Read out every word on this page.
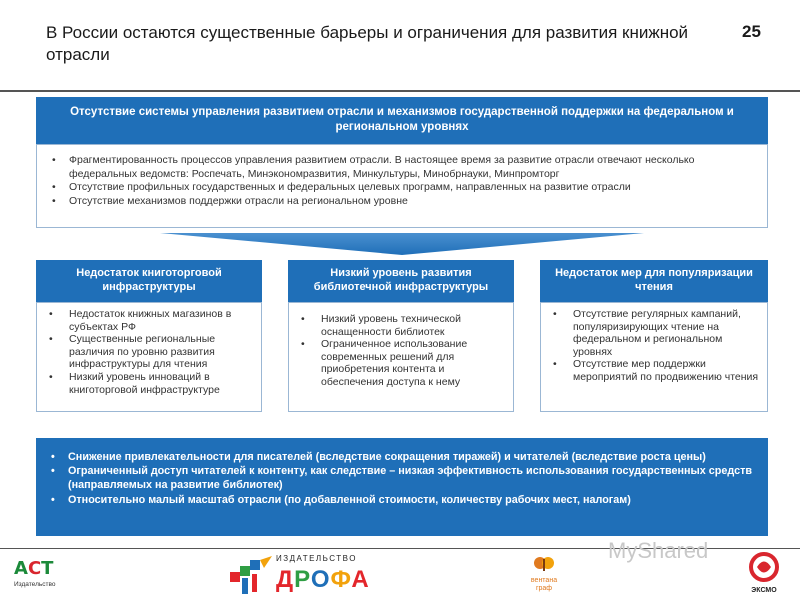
В России остаются существенные барьеры и ограничения для развития книжной отрасли
25
Отсутствие системы управления развитием отрасли и механизмов государственной поддержки на федеральном и региональном уровнях
• Фрагментированность процессов управления развитием отрасли. В настоящее время за развитие отрасли отвечают несколько федеральных ведомств: Роспечать, Минэкономразвития, Минкультуры, Минобрнауки, Минпромторг
• Отсутствие профильных государственных и федеральных целевых программ, направленных на развитие отрасли
• Отсутствие механизмов поддержки отрасли на региональном уровне
Недостаток книготорговой инфраструктуры
• Недостаток книжных магазинов в субъектах РФ
• Существенные региональные различия по уровню развития инфраструктуры для чтения
• Низкий уровень инноваций в книготорговой инфраструктуре
Низкий уровень развития библиотечной инфраструктуры
• Низкий уровень технической оснащенности библиотек
• Ограниченное использование современных решений для приобретения контента и обеспечения доступа к нему
Недостаток мер для популяризации чтения
• Отсутствие регулярных кампаний, популяризирующих чтение на федеральном и региональном уровнях
• Отсутствие мер поддержки мероприятий по продвижению чтения
• Снижение привлекательности для писателей (вследствие сокращения тиражей) и читателей (вследствие роста цены)
• Ограниченный доступ читателей к контенту, как следствие – низкая эффективность использования государственных средств (направляемых на развитие библиотек)
• Относительно малый масштаб отрасли (по добавленной стоимости, количеству рабочих мест, налогам)
АСТ
Издательство
ИЗДАТЕЛЬСТВО
ДРОФА	вентана
граф
MyShared
ЭКСМО
